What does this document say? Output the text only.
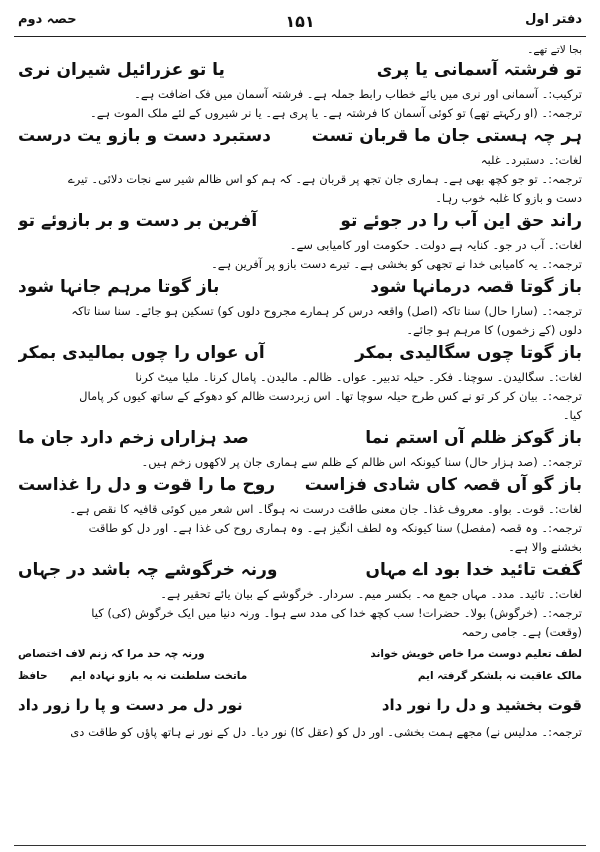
دفتر اول
۱۵۱
حصہ دوم
بجا لاتے تھے۔
تو فرشتہ آسمانی یا پری
یا تو عزرائیل شیران نری
ترکیب:۔ آسمانی اور نری میں یائے خطاب رابط جملہ ہے۔ فرشتہ آسمان میں فک اضافت ہے۔
ترجمہ:۔ (او رکہتے تھے) تو کوئی آسمان کا فرشتہ ہے۔ یا پری ہے۔ یا نر شیروں کے لئے ملک الموت ہے۔
ہر چہ ہستی جان ما قربان تست
دستبرد دست و بازو یت درست
لغات:۔ دستبرد۔ غلبہ
ترجمہ:۔ تو جو کچھ بھی ہے۔ ہماری جان تجھ پر قربان ہے۔ کہ ہم کو اس ظالم شیر سے نجات دلائی۔ تیرے
دست و بازو کا غلبہ خوب رہا۔
راند حق این آب را در جوئے تو
آفرین بر دست و بر بازوئے تو
لغات:۔ آب در جو۔ کنایہ ہے دولت۔ حکومت اور کامیابی سے۔
ترجمہ:۔ یہ کامیابی خدا نے تجھی کو بخشی ہے۔ تیرے دست بازو پر آفرین ہے۔
باز گوتا قصہ درمانہا شود
باز گوتا مرہم جانہا شود
ترجمہ:۔ (سارا حال) سنا تاکہ (اصل) واقعہ درس کر ہمارے مجروح دلوں کو) تسکین ہو جائے۔ سنا سنا تاکہ
دلوں (کے زخموں) کا مرہم ہو جائے۔
باز گوتا چوں سگالیدی بمکر
آں عواں را چوں بمالیدی بمکر
لغات:۔ سگالیدن۔ سوچنا۔ فکر۔ حیلہ تدبیر۔ عواں۔ ظالم۔ مالیدن۔ پامال کرنا۔ ملیا میٹ کرنا
ترجمہ:۔ بیان کر کر تو نے کس طرح حیلہ سوچا تھا۔ اس زبردست ظالم کو دھوکے کے ساتھ کیوں کر پامال
کیا۔
باز گوکز ظلم آں استم نما
صد ہزاراں زخم دارد جان ما
ترجمہ:۔ (صد ہزار حال) سنا کیونکہ اس ظالم کے ظلم سے ہماری جان پر لاکھوں زخم ہیں۔
باز گو آں قصہ کاں شادی فزاست
روح ما را قوت و دل را غذاست
لغات:۔ قوت۔ بواو۔ معروف غذا۔ جان معنی طاقت درست نہ ہوگا۔ اس شعر میں کوئی قافیہ کا نقص ہے۔
ترجمہ:۔ وہ قصہ (مفصل) سنا کیونکہ وہ لطف انگیز ہے۔ وہ ہماری روح کی غذا ہے۔ اور دل کو طاقت
بخشنے والا ہے۔
گفت تائید خدا بود اے مہاں
ورنہ خرگوشے چہ باشد در جہاں
لغات:۔ تائید۔ مدد۔ مہاں جمع مہ۔ بکسر میم۔ سردار۔ خرگوشے کے بیان یائے تحقیر ہے۔
ترجمہ:۔ (خرگوش) بولا۔ حضرات! سب کچھ خدا کی مدد سے ہوا۔ ورنہ دنیا میں ایک خرگوش (کی) کیا
(وقعت) ہے۔ جامی رحمہ
لطف تعلیم دوست مرا خاص خویش خواند
ورنہ چہ حد مرا کہ زنم لاف اختصاص
مالک عاقبت نہ بلشکر گرفتہ ایم
ماتخت سلطنت نہ بہ بازو نہادہ ایم
حافظ
قوت بخشید و دل را نور داد
نور دل مر دست و پا را زور داد
ترجمہ:۔ مدلیس نے) مجھے ہمت بخشی۔ اور دل کو (عقل کا) نور دیا۔ دل کے نور نے ہاتھ پاؤں کو طاقت دی
